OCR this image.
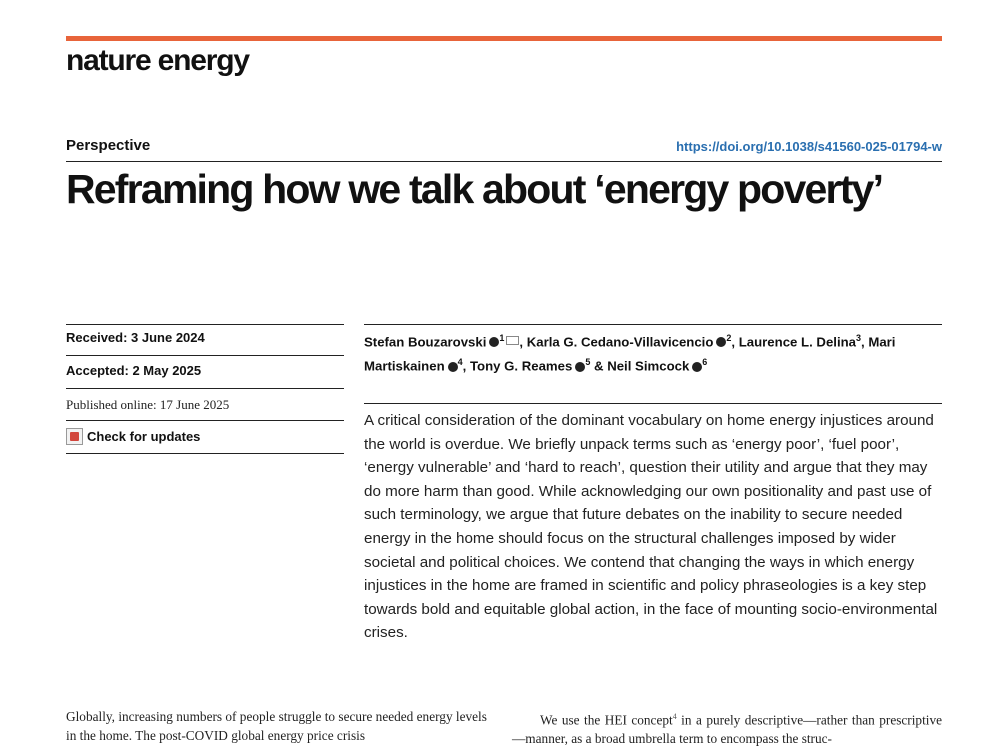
nature energy
Perspective	https://doi.org/10.1038/s41560-025-01794-w
Reframing how we talk about ‘energy poverty’
Received: 3 June 2024
Accepted: 2 May 2025
Published online: 17 June 2025
Check for updates
Stefan Bouzarovski $^1$ , Karla G. Cedano-Villavicencio $^2$, Laurence L. Delina$^3$, Mari Martiskainen $^4$, Tony G. Reames $^5$ & Neil Simcock $^6$

A critical consideration of the dominant vocabulary on home energy injustices around the world is overdue. We briefly unpack terms such as ‘energy poor’, ‘fuel poor’, ‘energy vulnerable’ and ‘hard to reach’, question their utility and argue that they may do more harm than good. While acknowledging our own positionality and past use of such terminology, we argue that future debates on the inability to secure needed energy in the home should focus on the structural challenges imposed by wider societal and political choices. We contend that changing the ways in which energy injustices in the home are framed in scientific and policy phraseologies is a key step towards bold and equitable global action, in the face of mounting socio-environmental crises.

Globally, increasing numbers of people struggle to secure needed energy levels in the home. The post-COVID global energy price crisis

We use the HEI concept$^4$ in a purely descriptive—rather than prescriptive—manner, as a broad umbrella term to encompass the struc-
